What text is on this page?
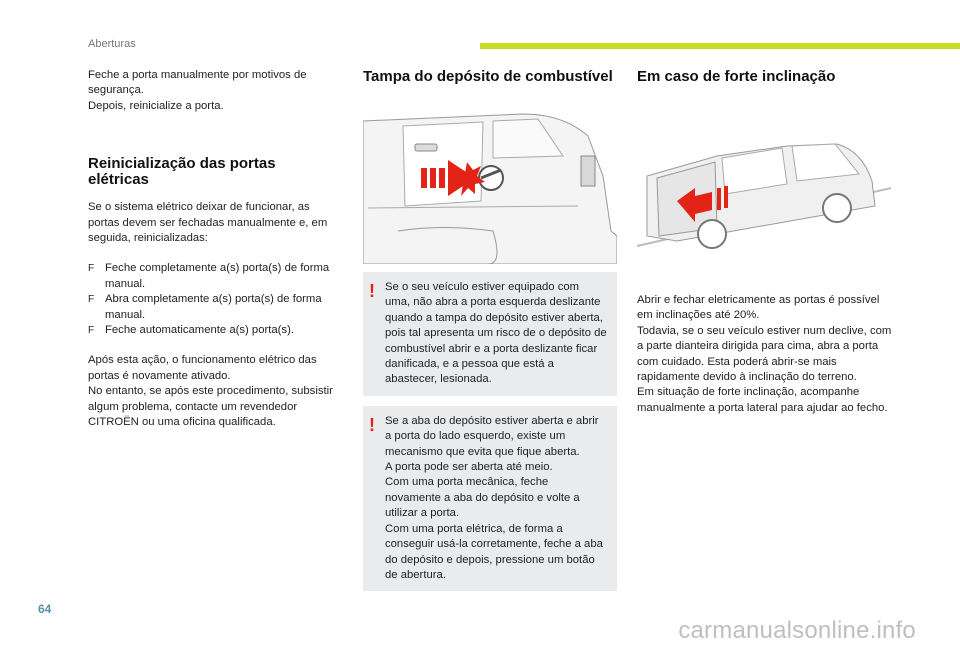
Aberturas

Feche a porta manualmente por motivos de segurança.

Depois, reinicialize a porta.

Reinicialização das portas elétricas

Se o sistema elétrico deixar de funcionar, as portas devem ser fechadas manualmente e, em seguida, reinicializadas:

F Feche completamente a(s) porta(s) de forma manual.
F Abra completamente a(s) porta(s) de forma manual.
F Feche automaticamente a(s) porta(s).

Após esta ação, o funcionamento elétrico das portas é novamente ativado.

No entanto, se após este procedimento, subsistir algum problema, contacte um revendedor CITROËN ou uma oficina qualificada.

Tampa do depósito de combustível
! Se o seu veículo estiver equipado com uma, não abra a porta esquerda deslizante quando a tampa do depósito estiver aberta, pois tal apresenta um risco de o depósito de combustível abrir e a porta deslizante ficar danificada, e a pessoa que está a abastecer, lesionada.

! Se a aba do depósito estiver aberta e abrir a porta do lado esquerdo, existe um mecanismo que evita que fique aberta.

A porta pode ser aberta até meio.

Com uma porta mecânica, feche novamente a aba do depósito e volte a utilizar a porta.

Com uma porta elétrica, de forma a conseguir usá-la corretamente, feche a aba do depósito e depois, pressione um botão de abertura.

Em caso de forte inclinação

Abrir e fechar eletricamente as portas é possível em inclinações até 20%.

Todavia, se o seu veículo estiver num declive, com a parte dianteira dirigida para cima, abra a porta com cuidado. Esta poderá abrir-se mais rapidamente devido à inclinação do terreno.

Em situação de forte inclinação, acompanhe manualmente a porta lateral para ajudar ao fecho.

64
carmanualsonline.info
